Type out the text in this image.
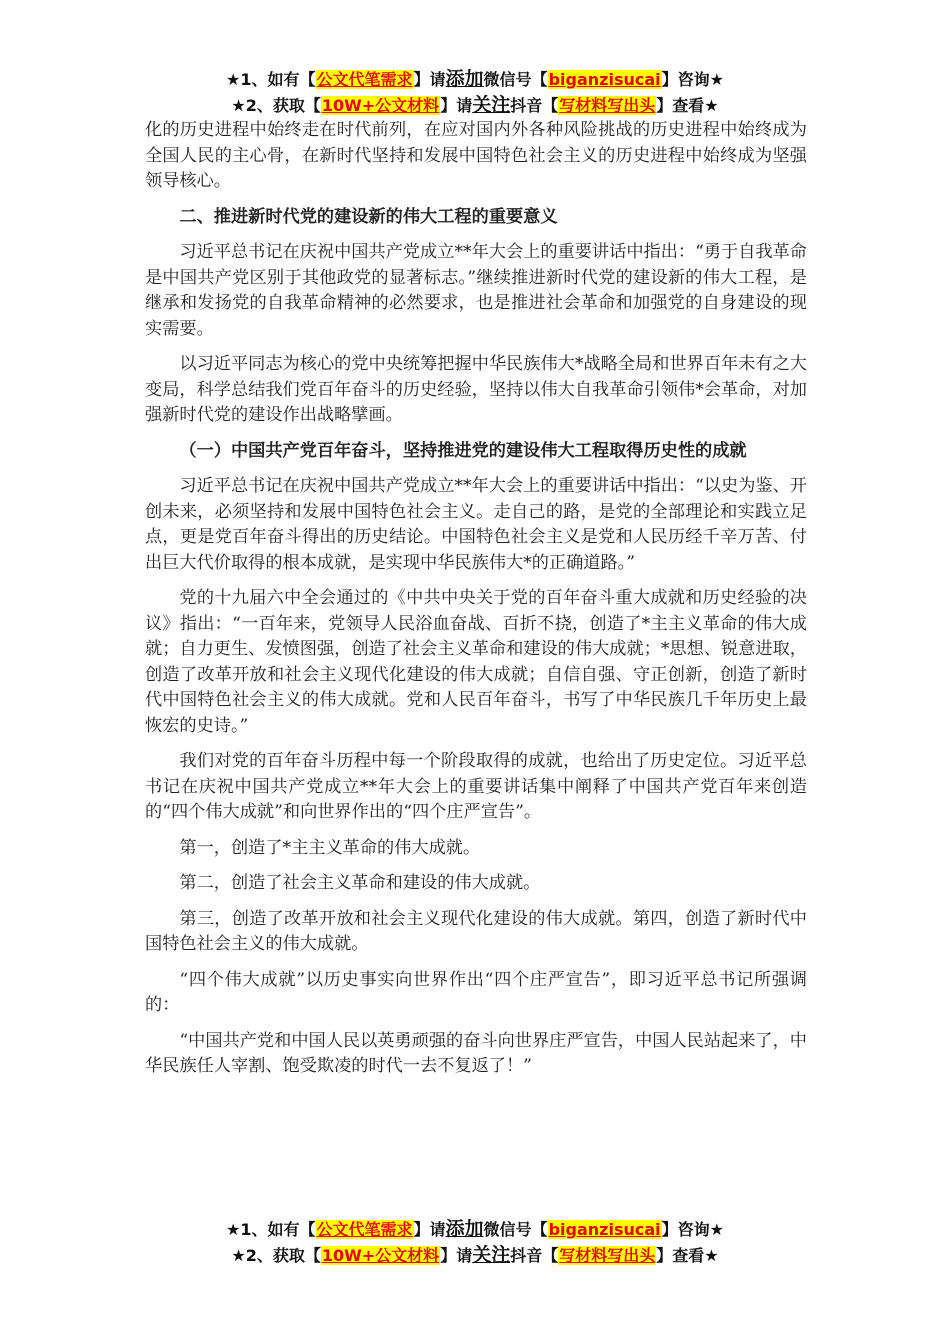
★1、如有【公文代笔需求】请添加微信号【biganzisucai】咨询★
★2、获取【10W+公文材料】请关注抖音【写材料写出头】查看★

化的历史进程中始终走在时代前列，在应对国内外各种风险挑战的历史进程中始终成为全国人民的主心骨，在新时代坚持和发展中国特色社会主义的历史进程中始终成为坚强领导核心。

二、推进新时代党的建设新的伟大工程的重要意义

习近平总书记在庆祝中国共产党成立**年大会上的重要讲话中指出：“勇于自我革命是中国共产党区别于其他政党的显著标志。”继续推进新时代党的建设新的伟大工程，是继承和发扬党的自我革命精神的必然要求，也是推进社会革命和加强党的自身建设的现实需要。

以习近平同志为核心的党中央统筹把握中华民族伟大*战略全局和世界百年未有之大变局，科学总结我们党百年奋斗的历史经验，坚持以伟大自我革命引领伟*会革命，对加强新时代党的建设作出战略擘画。

（一）中国共产党百年奋斗，坚持推进党的建设伟大工程取得历史性的成就

习近平总书记在庆祝中国共产党成立**年大会上的重要讲话中指出：“以史为鉴、开创未来，必须坚持和发展中国特色社会主义。走自己的路，是党的全部理论和实践立足点，更是党百年奋斗得出的历史结论。中国特色社会主义是党和人民历经千辛万苦、付出巨大代价取得的根本成就，是实现中华民族伟大*的正确道路。”

党的十九届六中全会通过的《中共中央关于党的百年奋斗重大成就和历史经验的决议》指出：“一百年来，党领导人民浴血奋战、百折不挠，创造了*主主义革命的伟大成就；自力更生、发愤图强，创造了社会主义革命和建设的伟大成就；*思想、锐意进取，创造了改革开放和社会主义现代化建设的伟大成就；自信自强、守正创新，创造了新时代中国特色社会主义的伟大成就。党和人民百年奋斗，书写了中华民族几千年历史上最恢宏的史诗。”

我们对党的百年奋斗历程中每一个阶段取得的成就，也给出了历史定位。习近平总书记在庆祝中国共产党成立**年大会上的重要讲话集中阐释了中国共产党百年来创造的“四个伟大成就”和向世界作出的“四个庄严宣告”。

第一，创造了*主主义革命的伟大成就。

第二，创造了社会主义革命和建设的伟大成就。

第三，创造了改革开放和社会主义现代化建设的伟大成就。第四，创造了新时代中国特色社会主义的伟大成就。

“四个伟大成就”以历史事实向世界作出“四个庄严宣告”，即习近平总书记所强调的：

“中国共产党和中国人民以英勇顽强的奋斗向世界庄严宣告，中国人民站起来了，中华民族任人宰割、饱受欺凌的时代一去不复返了！”

★1、如有【公文代笔需求】请添加微信号【biganzisucai】咨询★
★2、获取【10W+公文材料】请关注抖音【写材料写出头】查看★
